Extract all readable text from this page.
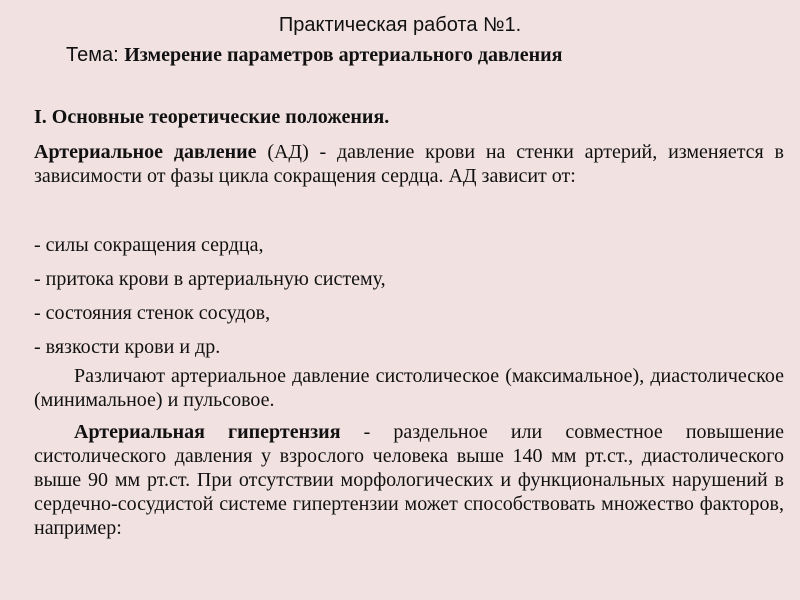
Практическая работа №1.
Тема: Измерение параметров артериального давления
I. Основные теоретические положения.
Артериальное давление (АД) - давление крови на стенки артерий, изменяется в зависимости от фазы цикла сокращения сердца. АД зависит от:
- силы сокращения сердца,
- притока крови в артериальную систему,
- состояния стенок сосудов,
- вязкости крови и др.
Различают артериальное давление систолическое (максимальное), диастолическое (минимальное) и пульсовое.
Артериальная гипертензия - раздельное или совместное повышение систолического давления у взрослого человека выше 140 мм рт.ст., диастолического выше 90 мм рт.ст. При отсутствии морфологических и функциональных нарушений в сердечно-сосудистой системе гипертензии может способствовать множество факторов, например:
